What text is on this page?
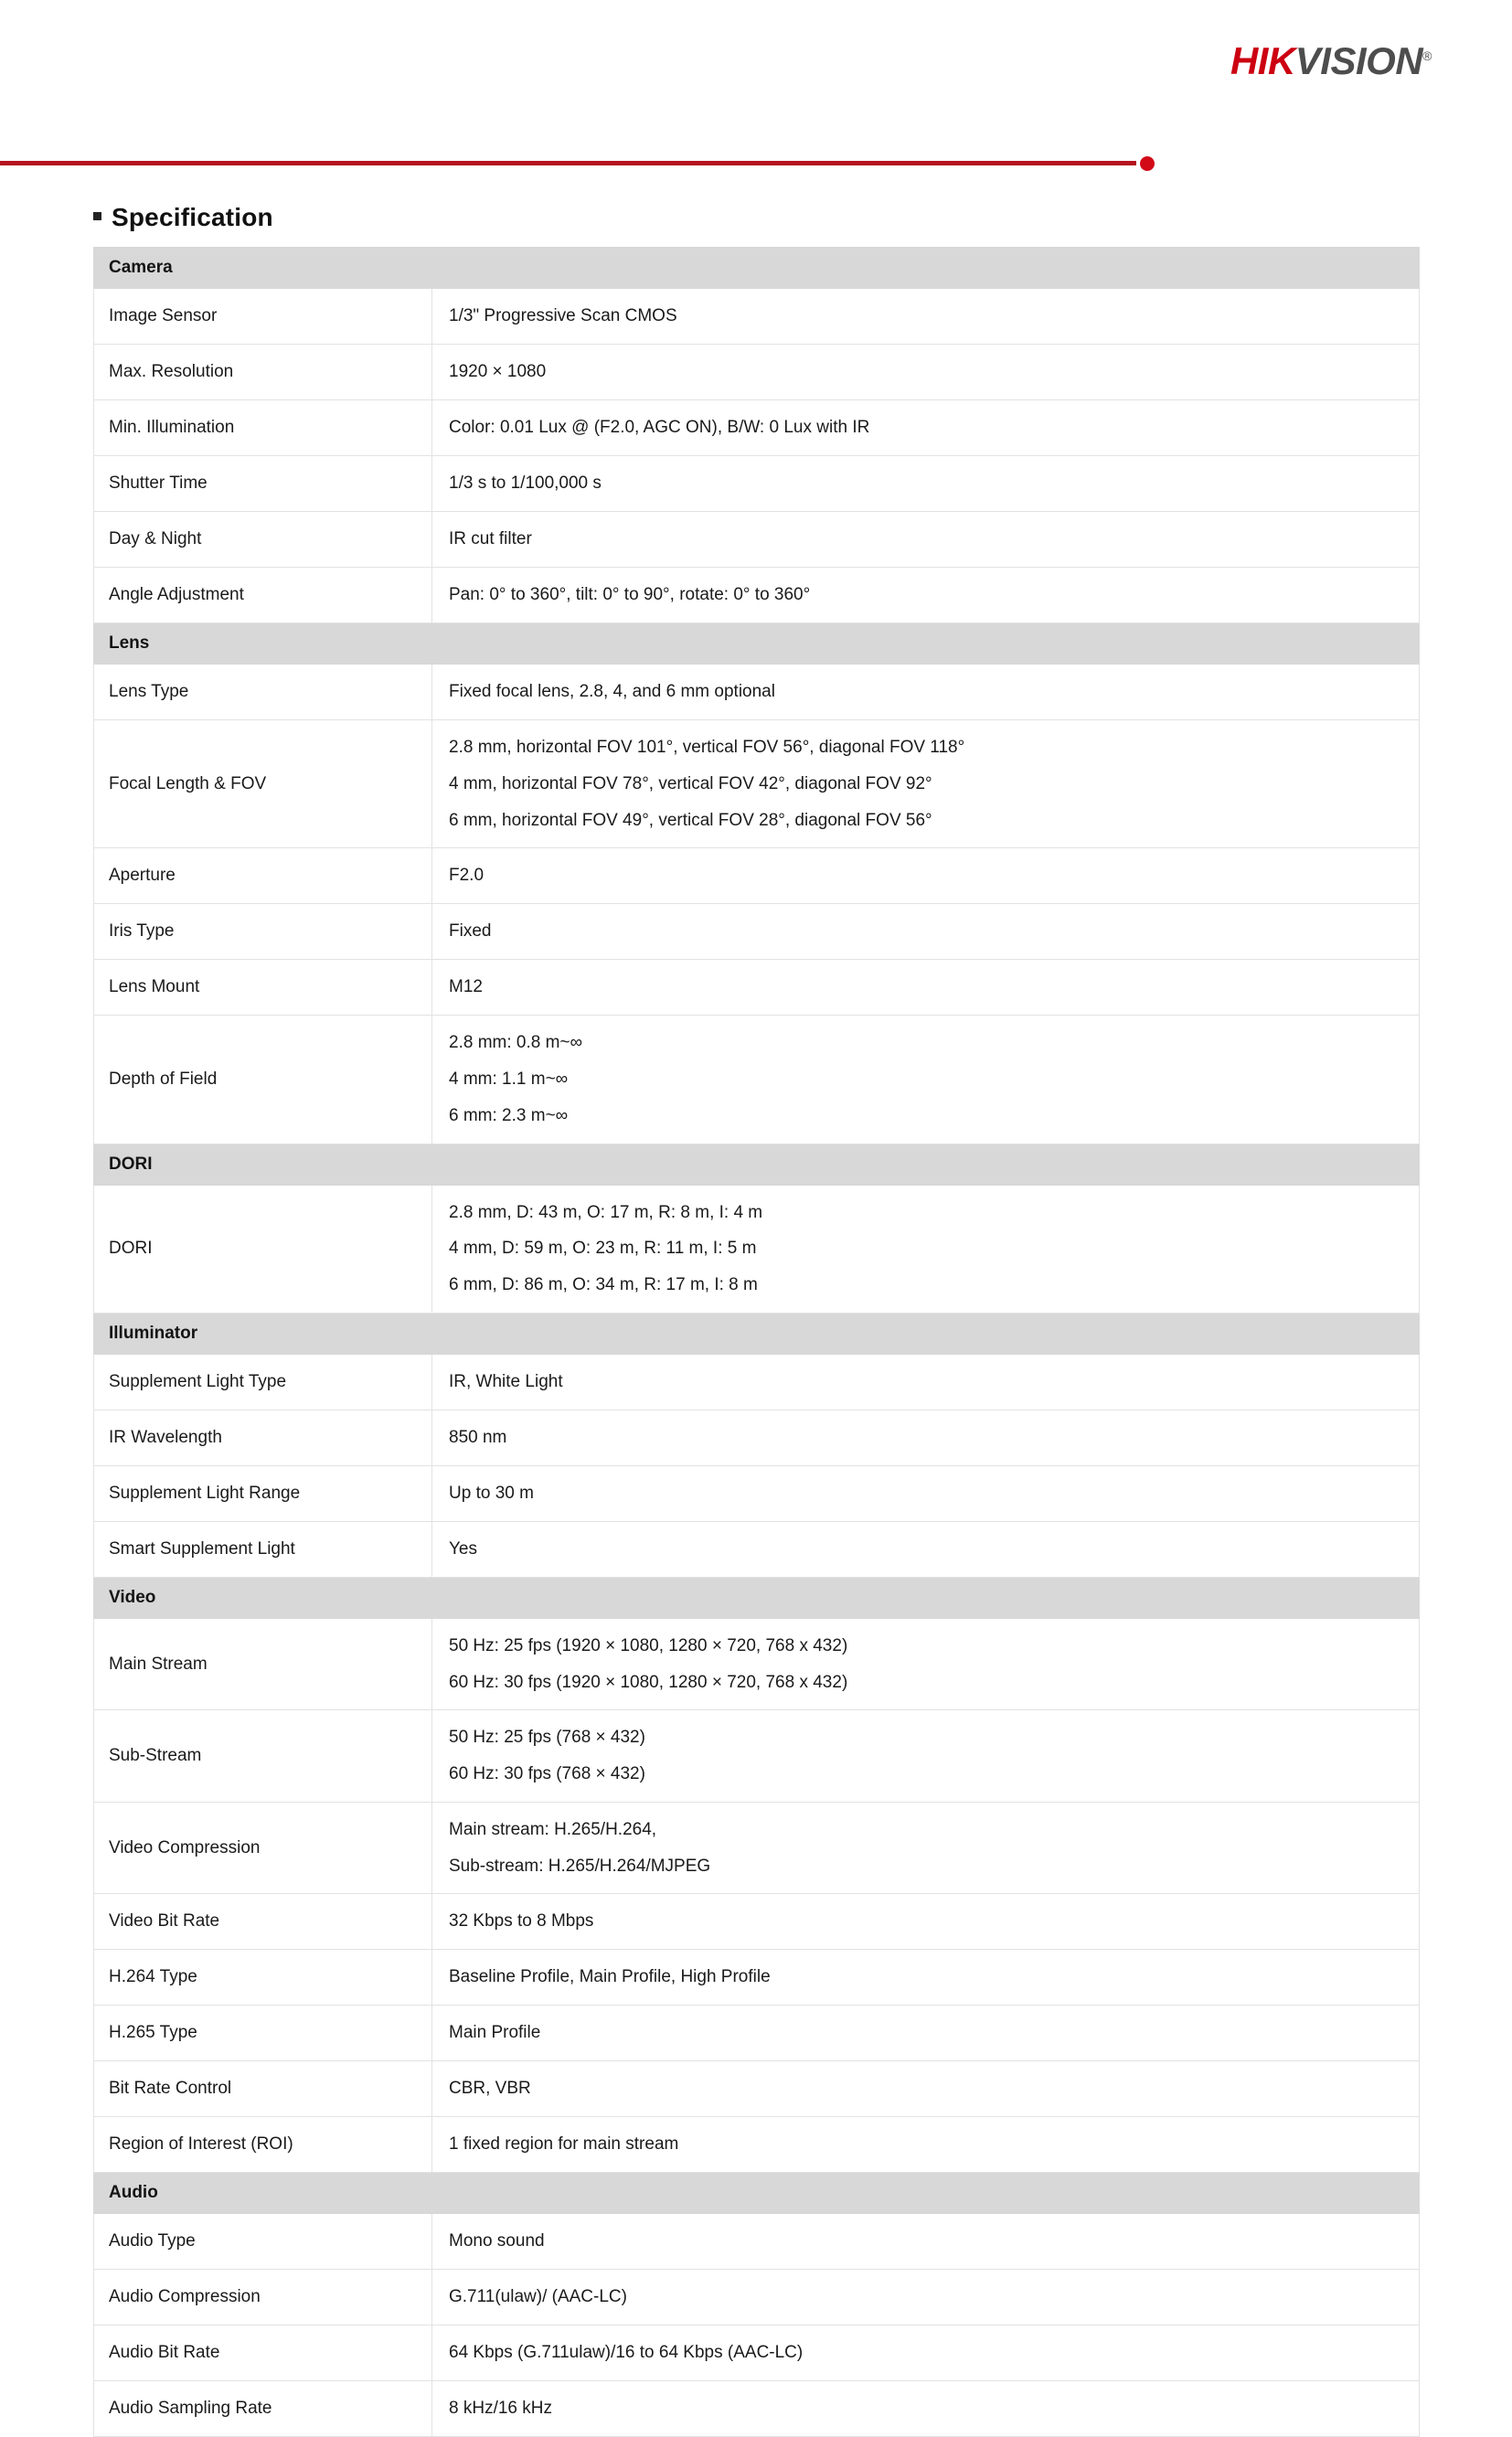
HIKVISION®
Specification
Camera	
Image Sensor	1/3" Progressive Scan CMOS
Max. Resolution	1920 × 1080
Min. Illumination	Color: 0.01 Lux @ (F2.0, AGC ON), B/W: 0 Lux with IR
Shutter Time	1/3 s to 1/100,000 s
Day & Night	IR cut filter
Angle Adjustment	Pan: 0° to 360°, tilt: 0° to 90°, rotate: 0° to 360°
Lens	
Lens Type	Fixed focal lens, 2.8, 4, and 6 mm optional
Focal Length & FOV	2.8 mm, horizontal FOV 101°, vertical FOV 56°, diagonal FOV 118°
4 mm, horizontal FOV 78°, vertical FOV 42°, diagonal FOV 92°
6 mm, horizontal FOV 49°, vertical FOV 28°, diagonal FOV 56°

Aperture	F2.0
Iris Type	Fixed
Lens Mount	M12
Depth of Field	2.8 mm: 0.8 m~∞
4 mm: 1.1 m~∞
6 mm: 2.3 m~∞

DORI	
DORI	2.8 mm, D: 43 m, O: 17 m, R: 8 m, I: 4 m
4 mm, D: 59 m, O: 23 m, R: 11 m, I: 5 m
6 mm, D: 86 m, O: 34 m, R: 17 m, I: 8 m

Illuminator	
Supplement Light Type	IR, White Light
IR Wavelength	850 nm
Supplement Light Range	Up to 30 m
Smart Supplement Light	Yes
Video	
Main Stream	50 Hz: 25 fps (1920 × 1080, 1280 × 720, 768 x 432)
60 Hz: 30 fps (1920 × 1080, 1280 × 720, 768 x 432)

Sub-Stream	50 Hz: 25 fps (768 × 432)
60 Hz: 30 fps (768 × 432)

Video Compression	Main stream: H.265/H.264,
Sub-stream: H.265/H.264/MJPEG

Video Bit Rate	32 Kbps to 8 Mbps
H.264 Type	Baseline Profile, Main Profile, High Profile
H.265 Type	Main Profile
Bit Rate Control	CBR, VBR
Region of Interest (ROI)	1 fixed region for main stream
Audio	
Audio Type	Mono sound
Audio Compression	G.711(ulaw)/ (AAC-LC)
Audio Bit Rate	64 Kbps (G.711ulaw)/16 to 64 Kbps (AAC-LC)
Audio Sampling Rate	8 kHz/16 kHz
